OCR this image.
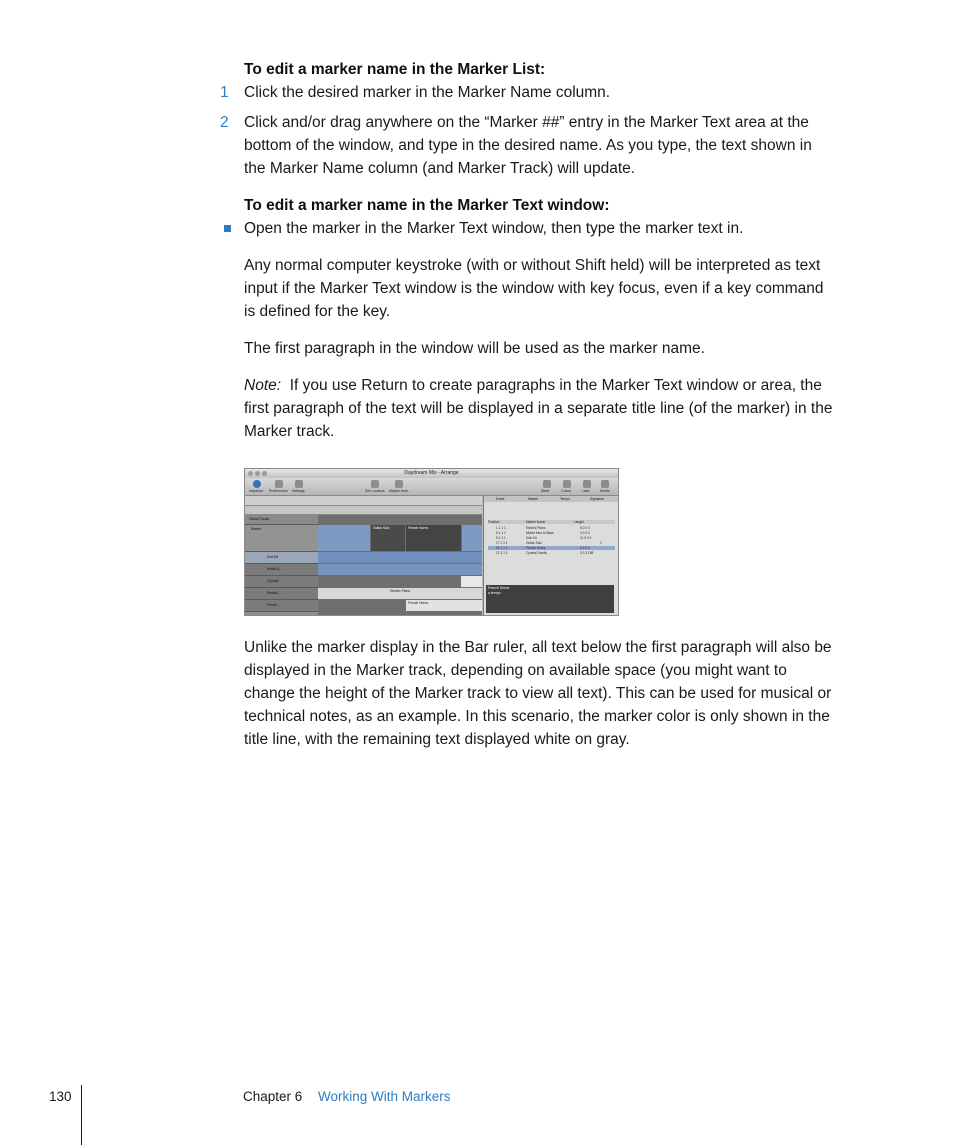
To edit a marker name in the Marker List:
1 Click the desired marker in the Marker Name column.
2 Click and/or drag anywhere on the “Marker ##” entry in the Marker Text area at the
bottom of the window, and type in the desired name. As you type, the text shown in
the Marker Name column (and Marker Track) will update.
To edit a marker name in the Marker Text window:
Open the marker in the Marker Text window, then type the marker text in.
Any normal computer keystroke (with or without Shift held) will be interpreted as text
input if the Marker Text window is the window with key focus, even if a key command
is defined for the key.
The first paragraph in the window will be used as the marker name.
Note: If you use Return to create paragraphs in the Marker Text window or area, the
first paragraph of the text will be displayed in a separate title line (of the marker) in the
Marker track.
Daydream Mix - Arrange
Inspector Preferences Settings	Set Locators Marker from..	Mixer	Colors	Lists	Media
Global Tracks
Marker
Kick Kit
Muted B..
Cymbal ..
Electric ..
French ...
Guitar Solo	French Horns
Electric Piano
French Horns
Event	Marker	Tempo	Signature
Position	Marker Name	Length
1 1 1 1	Electric Piano	5 0 0 0
6 1 1 1	Muted Intro to Bass	3 0 0 0
9 1 1 1	Kick Kit	11 0 0 0
17 1 1 1	Guitar Solo	1
21 1 1 1	French Horns	6 2 0 0
27 3 1 1	Cymbal Swells	3 3 3 158
French Horns
a tempo
Unlike the marker display in the Bar ruler, all text below the first paragraph will also be
displayed in the Marker track, depending on available space (you might want to
change the height of the Marker track to view all text). This can be used for musical or
technical notes, as an example. In this scenario, the marker color is only shown in the
title line, with the remaining text displayed white on gray.
130	Chapter 6 Working With Markers
